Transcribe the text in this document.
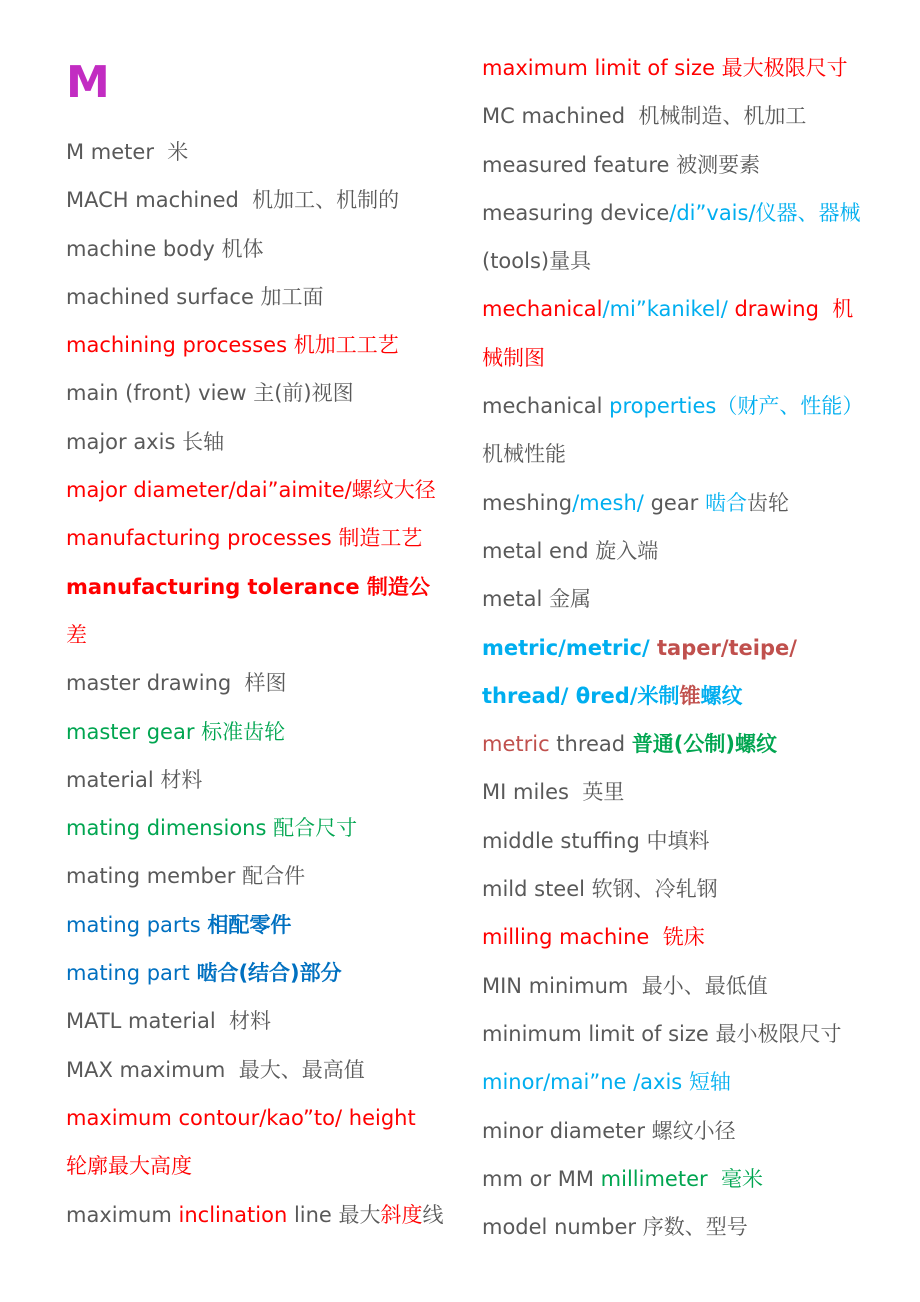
M
M meter  米
MACH machined  机加工、机制的
machine body 机体
machined surface 加工面
machining processes 机加工工艺
main (front) view 主(前)视图
major axis 长轴
major diameter/dai”aimite/螺纹大径
manufacturing processes 制造工艺
manufacturing tolerance 制造公
差
master drawing  样图
master gear 标准齿轮
material 材料
mating dimensions 配合尺寸
mating member 配合件
mating parts 相配零件
mating part 啮合(结合)部分
MATL material  材料
MAX maximum  最大、最高值
maximum contour/kao”to/ height
轮廓最大高度
maximum inclination line 最大斜度线
maximum limit of size 最大极限尺寸
MC machined  机械制造、机加工
measured feature 被测要素
measuring device/di”vais/仪器、器械
(tools)量具
mechanical/mi”kanikel/ drawing  机
械制图
mechanical properties（财产、性能）
机械性能
meshing/mesh/ gear 啮合齿轮
metal end 旋入端
metal 金属
metric/metric/ taper/teipe/
thread/ θred/米制锥螺纹
metric thread 普通(公制)螺纹
MI miles  英里
middle stuffing 中填料
mild steel 软钢、冷轧钢
milling machine  铣床
MIN minimum  最小、最低值
minimum limit of size 最小极限尺寸
minor/mai”ne /axis 短轴
minor diameter 螺纹小径
mm or MM millimeter  毫米
model number 序数、型号
